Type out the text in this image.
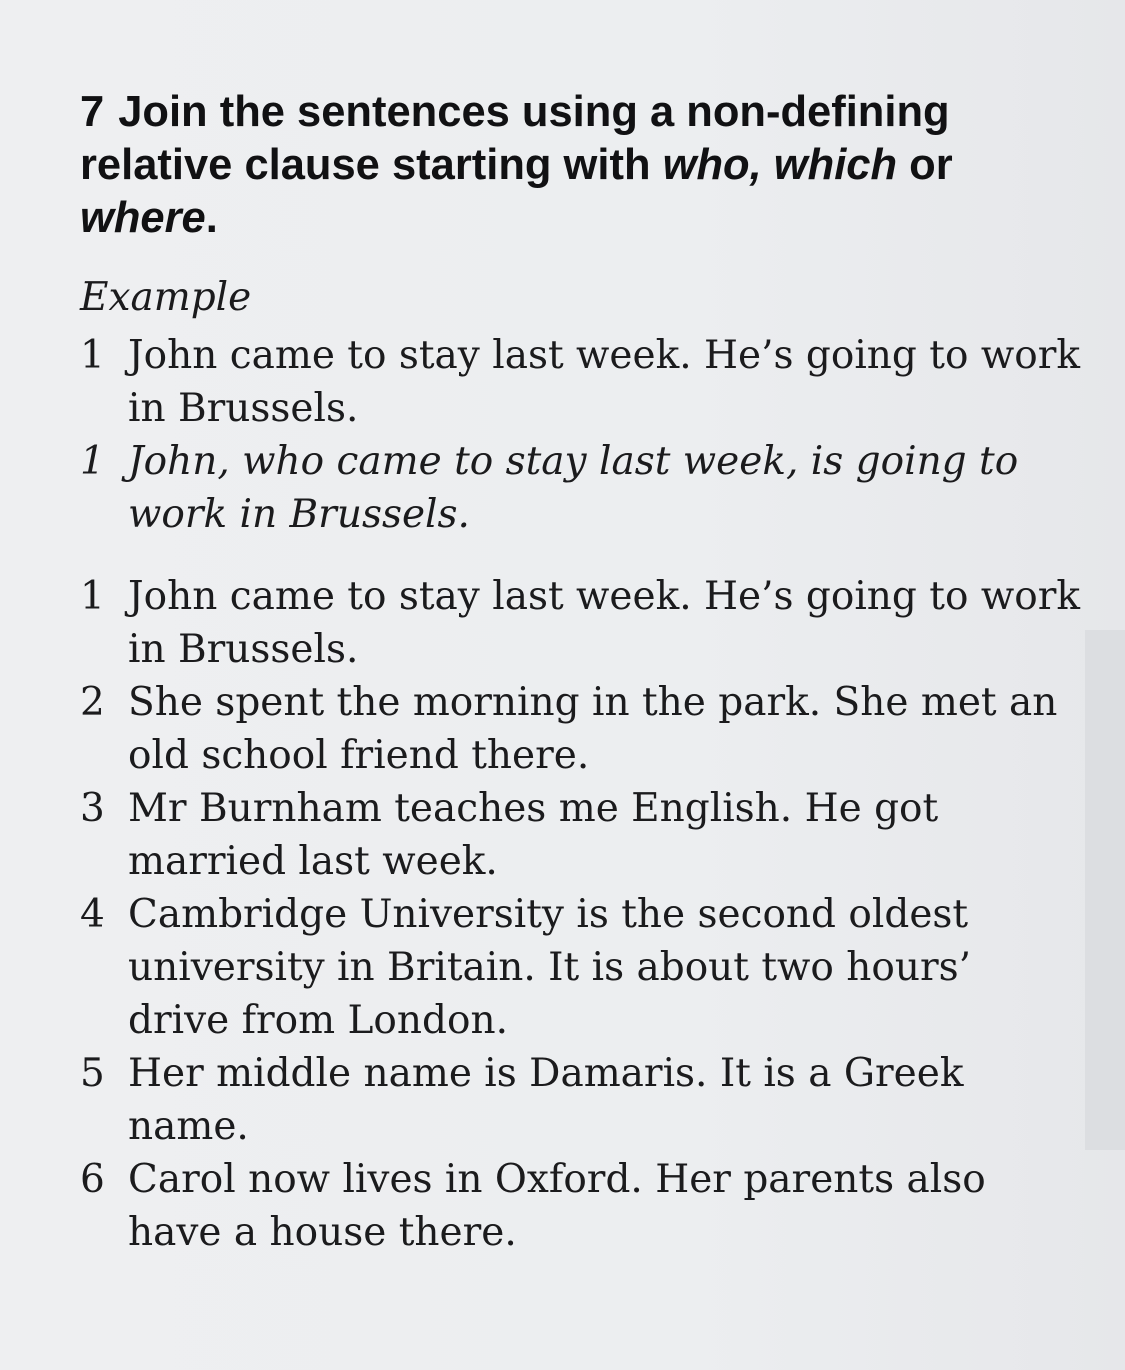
7 Join the sentences using a non-defining relative clause starting with who, which or where.
Example
1 John came to stay last week. He’s going to work in Brussels.
1 John, who came to stay last week, is going to work in Brussels.
1 John came to stay last week. He’s going to work in Brussels.
2 She spent the morning in the park. She met an old school friend there.
3 Mr Burnham teaches me English. He got married last week.
4 Cambridge University is the second oldest university in Britain. It is about two hours’ drive from London.
5 Her middle name is Damaris. It is a Greek name.
6 Carol now lives in Oxford. Her parents also have a house there.
